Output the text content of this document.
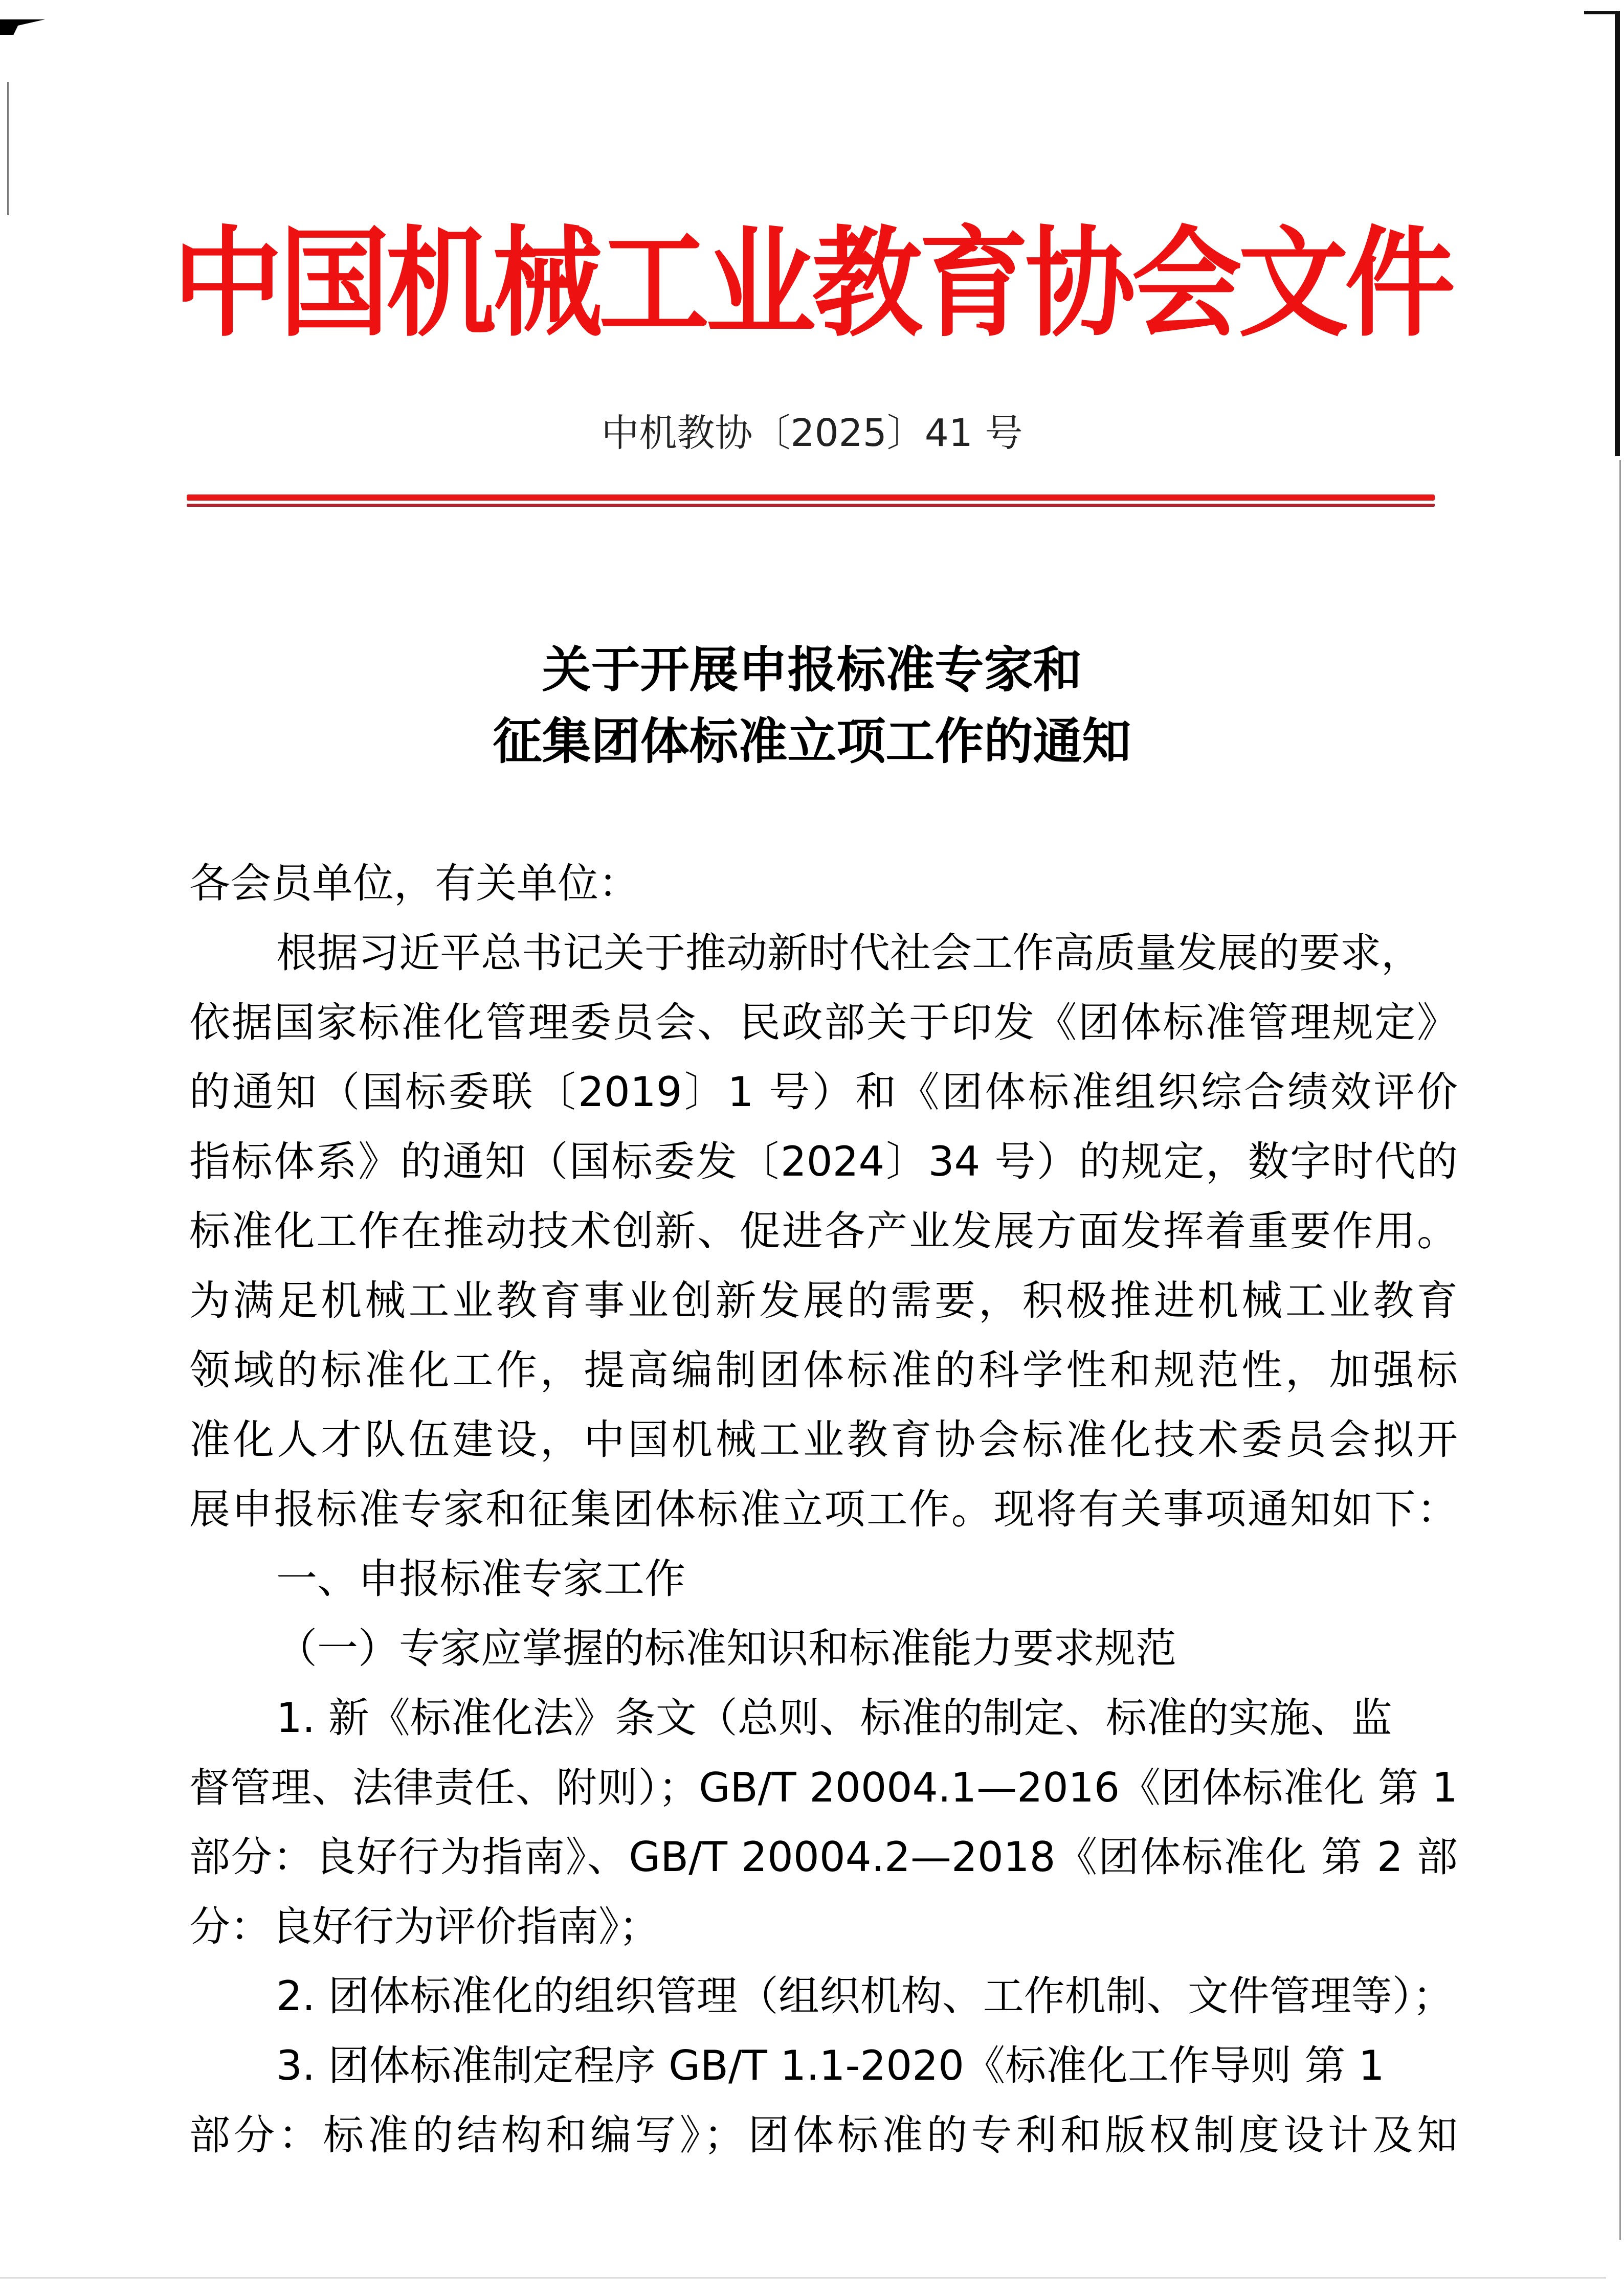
中国机械工业教育协会文件
中机教协〔2025〕41 号
关于开展申报标准专家和
征集团体标准立项工作的通知
各会员单位，有关单位：
根据习近平总书记关于推动新时代社会工作高质量发展的要求，
依据国家标准化管理委员会、民政部关于印发《团体标准管理规定》
的通知（国标委联〔2019〕1 号）和《团体标准组织综合绩效评价
指标体系》的通知（国标委发〔2024〕34 号）的规定，数字时代的
标准化工作在推动技术创新、促进各产业发展方面发挥着重要作用。
为满足机械工业教育事业创新发展的需要，积极推进机械工业教育
领域的标准化工作，提高编制团体标准的科学性和规范性，加强标
准化人才队伍建设，中国机械工业教育协会标准化技术委员会拟开
展申报标准专家和征集团体标准立项工作。现将有关事项通知如下：
一、申报标准专家工作
（一）专家应掌握的标准知识和标准能力要求规范
1. 新《标准化法》条文（总则、标准的制定、标准的实施、监
督管理、法律责任、附则）；GB/T 20004.1—2016《团体标准化 第 1
部分：良好行为指南》、GB/T 20004.2—2018《团体标准化 第 2 部
分：良好行为评价指南》；
2. 团体标准化的组织管理（组织机构、工作机制、文件管理等）；
3. 团体标准制定程序 GB/T 1.1-2020《标准化工作导则 第 1
部分：标准的结构和编写》；团体标准的专利和版权制度设计及知
